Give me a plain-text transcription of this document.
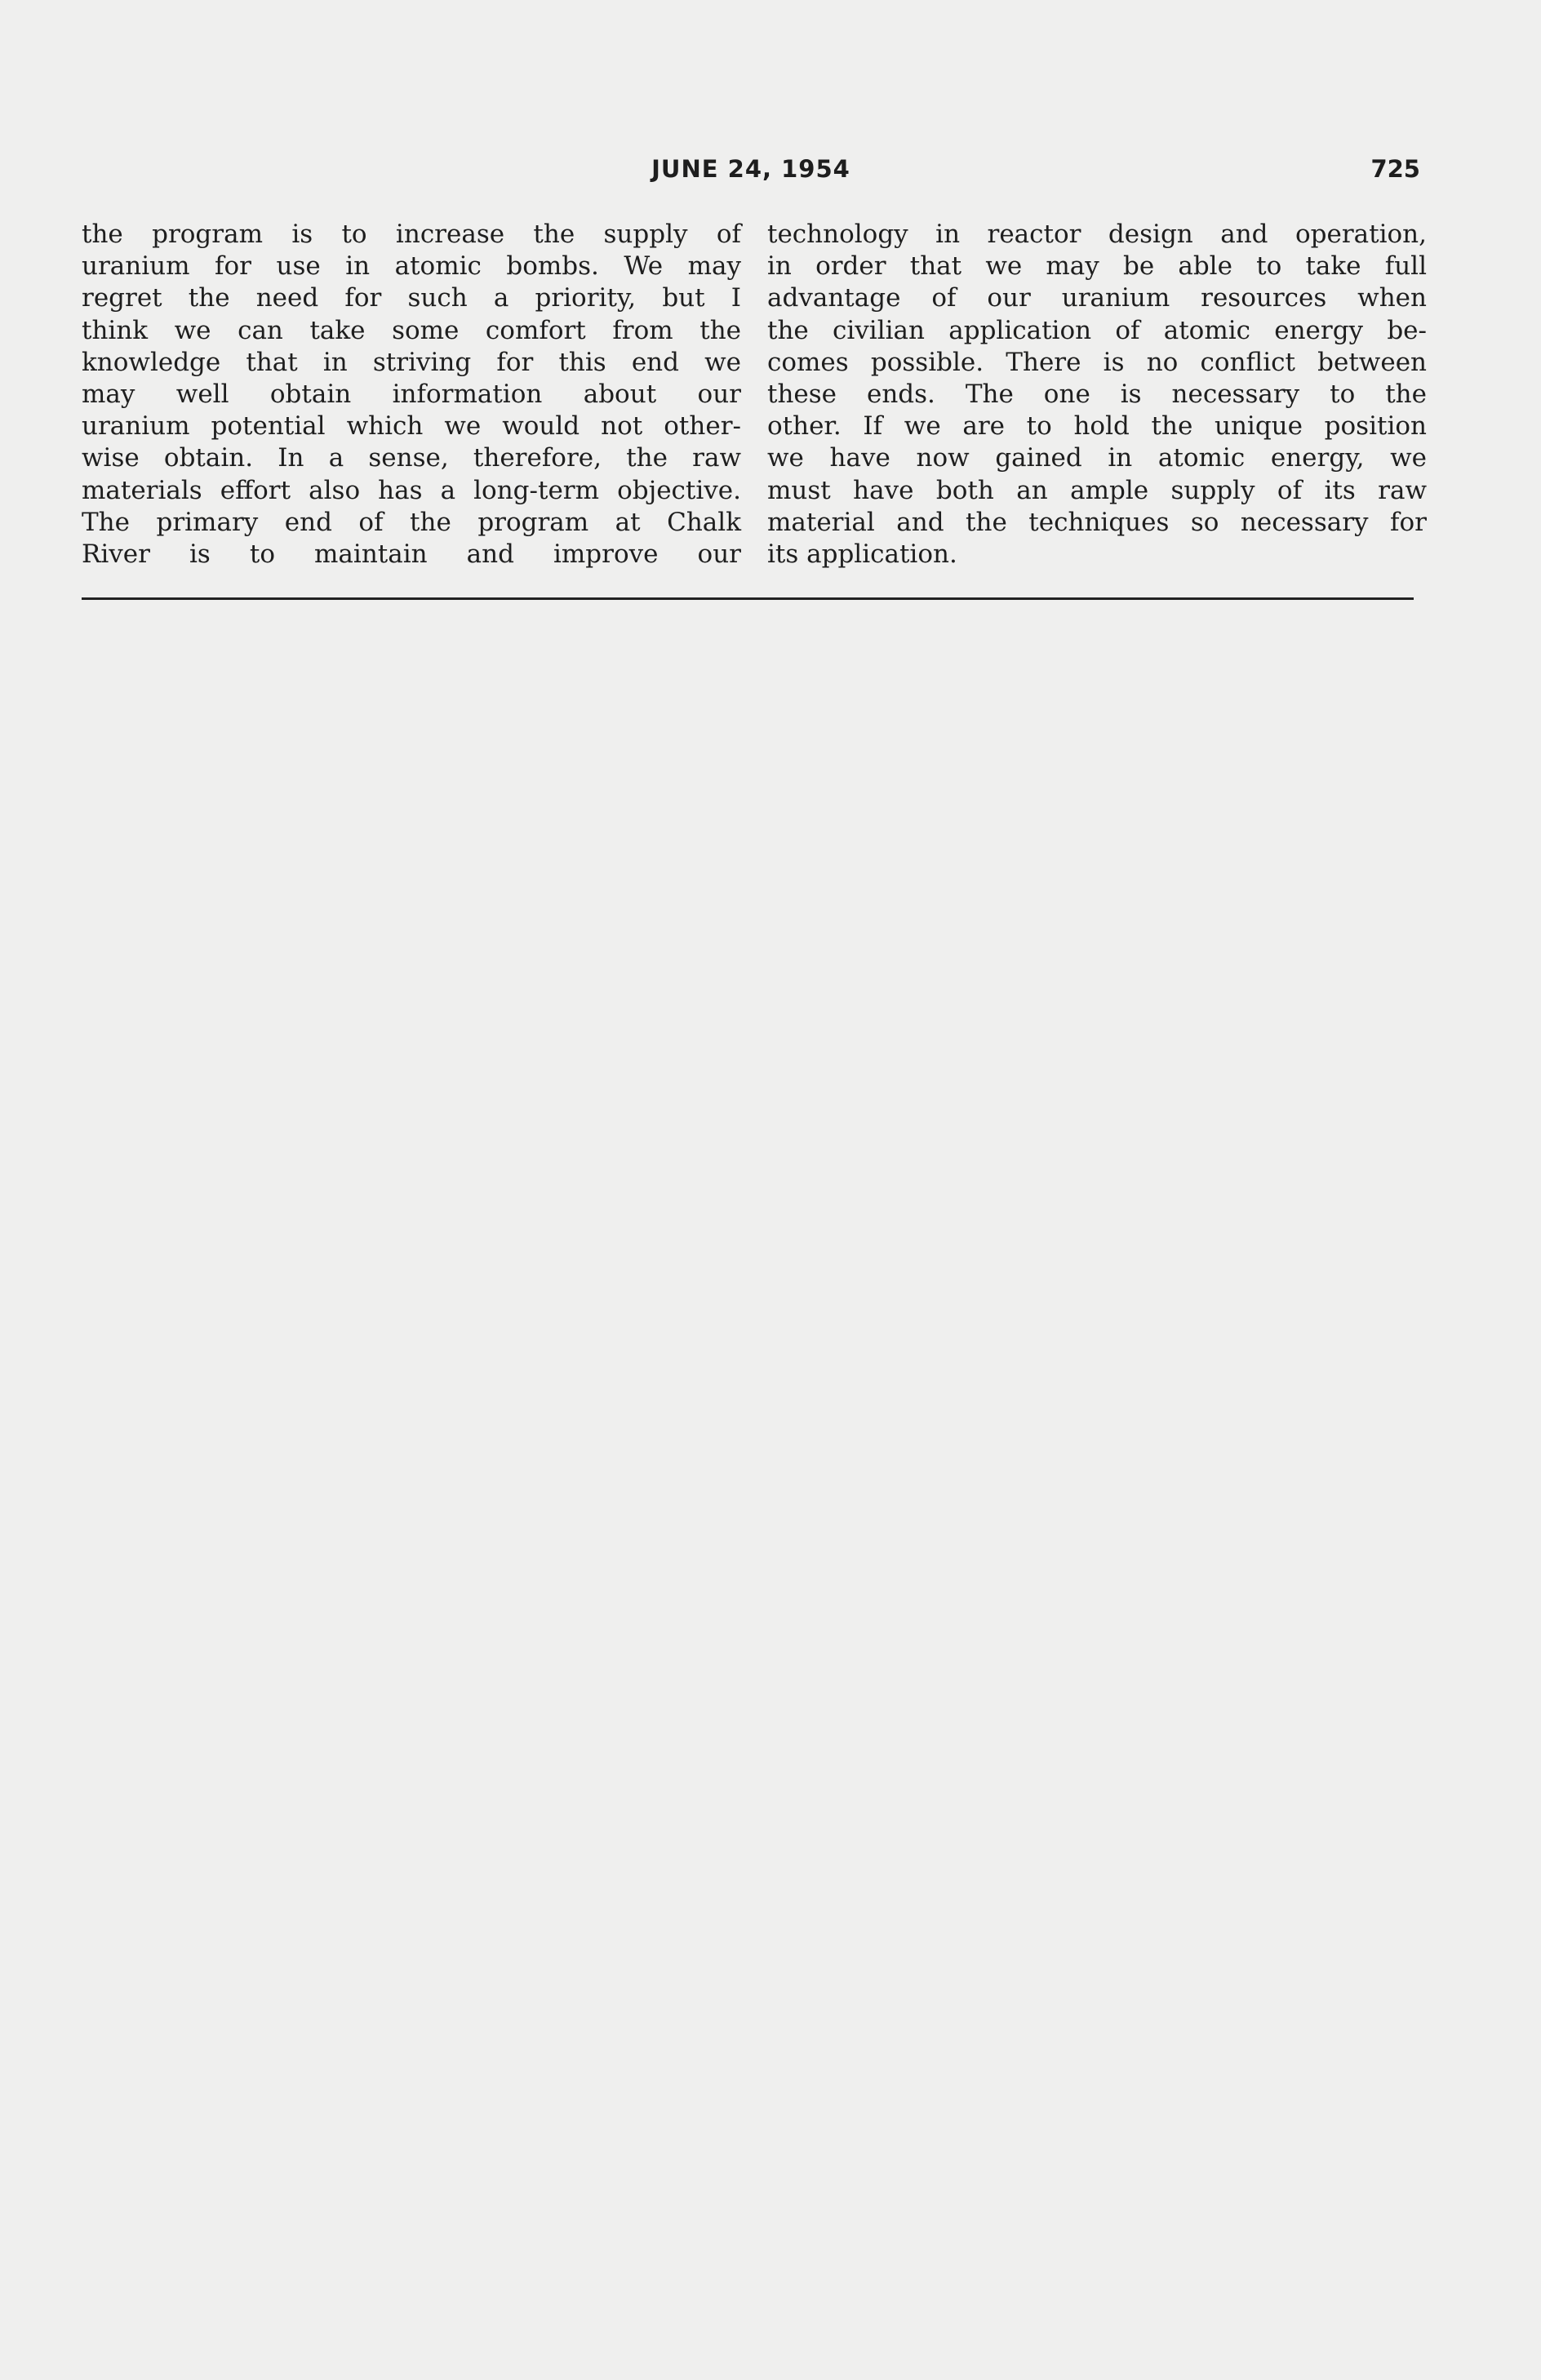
JUNE 24, 1954	725
the program is to increase the supply of
uranium for use in atomic bombs. We may
regret the need for such a priority, but I
think we can take some comfort from the
knowledge that in striving for this end we
may well obtain information about our
uranium potential which we would not other-
wise obtain. In a sense, therefore, the raw
materials effort also has a long-term objective.
The primary end of the program at Chalk
River is to maintain and improve our
technology in reactor design and operation,
in order that we may be able to take full
advantage of our uranium resources when
the civilian application of atomic energy be-
comes possible. There is no conflict between
these ends. The one is necessary to the
other. If we are to hold the unique position
we have now gained in atomic energy, we
must have both an ample supply of its raw
material and the techniques so necessary for
its application.
